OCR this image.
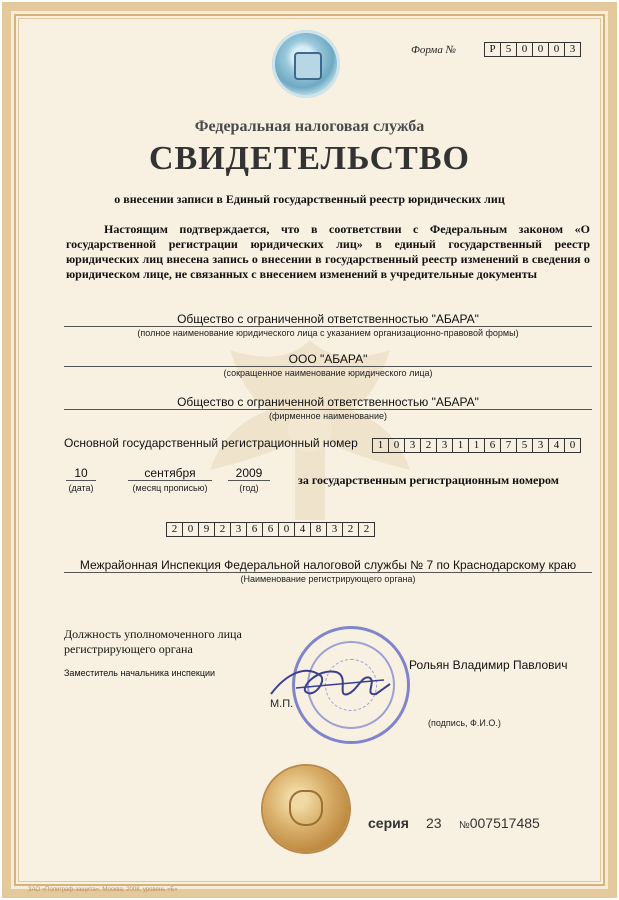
Форма №	Р 5 0 0 0 3
Федеральная налоговая служба
СВИДЕТЕЛЬСТВО
о внесении записи в Единый государственный реестр юридических лиц
Настоящим подтверждается, что в соответствии с Федеральным законом «О государственной регистрации юридических лиц» в единый государственный реестр юридических лиц внесена запись о внесении в государственный реестр изменений в сведения о юридическом лице, не связанных с внесением изменений в учредительные документы
Общество с ограниченной ответственностью "АБАРА"
(полное наименование юридического лица с указанием организационно-правовой формы)
ООО "АБАРА"
(сокращенное наименование юридического лица)
Общество с ограниченной ответственностью "АБАРА"
(фирменное наименование)
Основной государственный регистрационный номер	1 0 3 2 3 1 1 6 7 5 3 4 0
10
(дата)
сентября
(месяц прописью)
2009
(год)
за государственным регистрационным номером
2 0 9 2 3 6 6 0 4 8 3 2 2
Межрайонная Инспекция Федеральной налоговой службы № 7 по Краснодарскому краю
(Наименование регистрирующего органа)
Должность уполномоченного лица регистрирующего органа
Заместитель начальника инспекции
М.П.
Рольян Владимир Павлович
(подпись, Ф.И.О.)
серия 23 №007517485
ЗАО «Полиграф-защита», Москва, 2008, уровень «Б»
